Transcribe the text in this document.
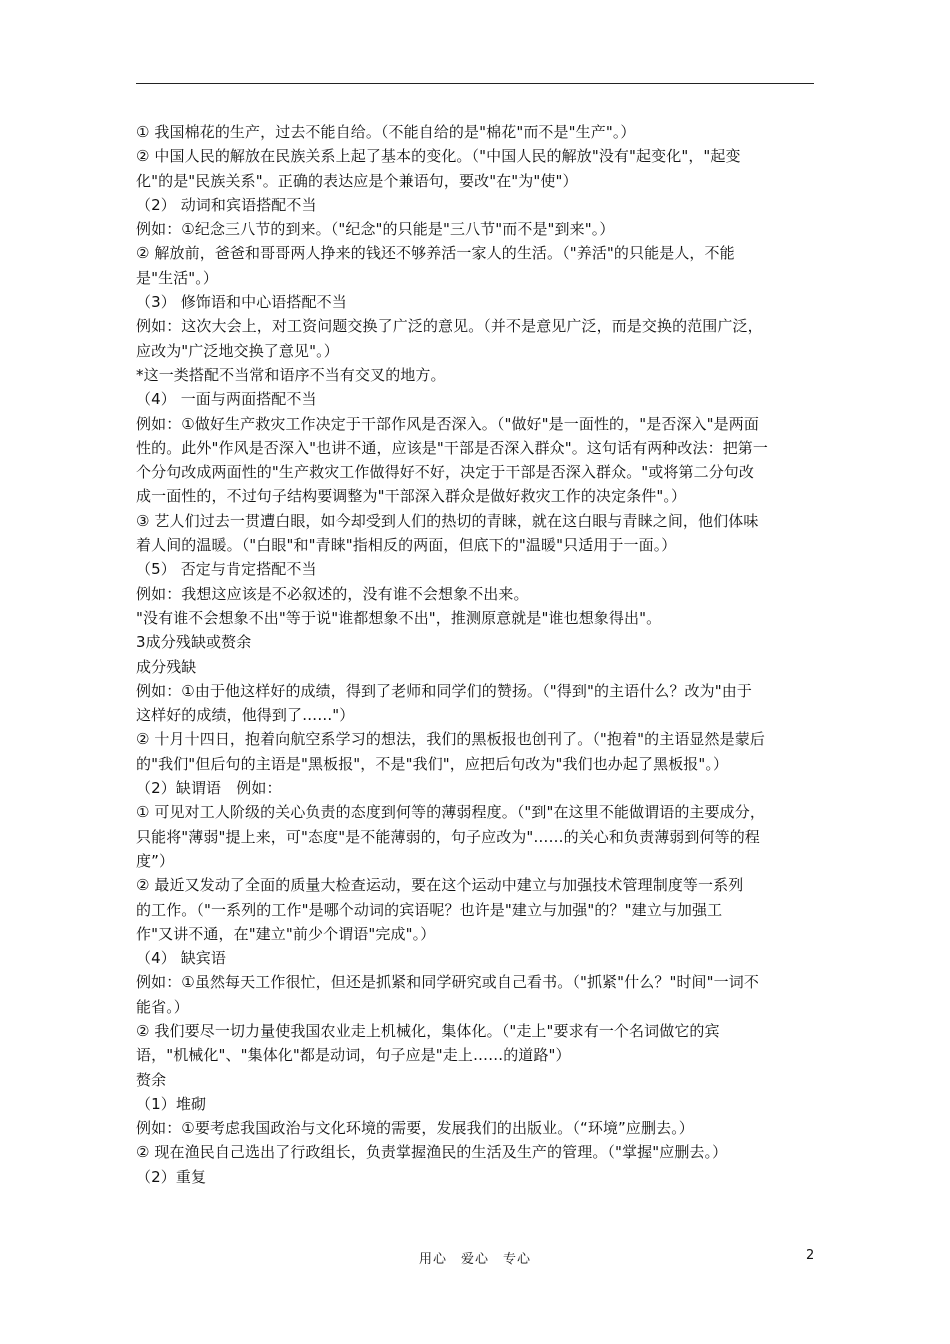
① 我国棉花的生产，过去不能自给。（不能自给的是"棉花"而不是"生产"。）
② 中国人民的解放在民族关系上起了基本的变化。（"中国人民的解放"没有"起变化"，"起变
化"的是"民族关系"。正确的表达应是个兼语句，要改"在"为"使"）
（2） 动词和宾语搭配不当
例如：①纪念三八节的到来。（"纪念"的只能是"三八节"而不是"到来"。）
② 解放前，爸爸和哥哥两人挣来的钱还不够养活一家人的生活。（"养活"的只能是人，不能
是"生活"。）
（3） 修饰语和中心语搭配不当
例如：这次大会上，对工资问题交换了广泛的意见。（并不是意见广泛，而是交换的范围广泛，
应改为"广泛地交换了意见"。）
*这一类搭配不当常和语序不当有交叉的地方。
（4） 一面与两面搭配不当
例如：①做好生产救灾工作决定于干部作风是否深入。（"做好"是一面性的，"是否深入"是两面
性的。此外"作风是否深入"也讲不通，应该是"干部是否深入群众"。这句话有两种改法：把第一
个分句改成两面性的"生产救灾工作做得好不好，决定于干部是否深入群众。"或将第二分句改
成一面性的，不过句子结构要调整为"干部深入群众是做好救灾工作的决定条件"。）
③ 艺人们过去一贯遭白眼，如今却受到人们的热切的青睐，就在这白眼与青睐之间，他们体味
着人间的温暖。（"白眼"和"青睐"指相反的两面，但底下的"温暖"只适用于一面。）
（5） 否定与肯定搭配不当
例如：我想这应该是不必叙述的，没有谁不会想象不出来。
"没有谁不会想象不出"等于说"谁都想象不出"，推测原意就是"谁也想象得出"。
3成分残缺或赘余
成分残缺
例如：①由于他这样好的成绩，得到了老师和同学们的赞扬。（"得到"的主语什么？改为"由于
这样好的成绩，他得到了……"）
② 十月十四日，抱着向航空系学习的想法，我们的黑板报也创刊了。（"抱着"的主语显然是蒙后
的"我们"但后句的主语是"黑板报"，不是"我们"，应把后句改为"我们也办起了黑板报"。）
（2）缺谓语　例如：
① 可见对工人阶级的关心负责的态度到何等的薄弱程度。（"到"在这里不能做谓语的主要成分，
只能将"薄弱"提上来，可"态度"是不能薄弱的，句子应改为"……的关心和负责薄弱到何等的程
度”）
② 最近又发动了全面的质量大检查运动，要在这个运动中建立与加强技术管理制度等一系列
的工作。（"一系列的工作"是哪个动词的宾语呢？也许是"建立与加强"的？"建立与加强工
作"又讲不通，在"建立"前少个谓语"完成"。）
（4） 缺宾语
例如：①虽然每天工作很忙，但还是抓紧和同学研究或自己看书。（"抓紧"什么？"时间"一词不
能省。）
② 我们要尽一切力量使我国农业走上机械化，集体化。（"走上"要求有一个名词做它的宾
语，"机械化"、"集体化"都是动词，句子应是"走上……的道路"）
赘余
（1）堆砌
例如：①要考虑我国政治与文化环境的需要，发展我们的出版业。（“环境”应删去。）
② 现在渔民自己选出了行政组长，负责掌握渔民的生活及生产的管理。（"掌握"应删去。）
（2）重复
用心　爱心　专心	2
